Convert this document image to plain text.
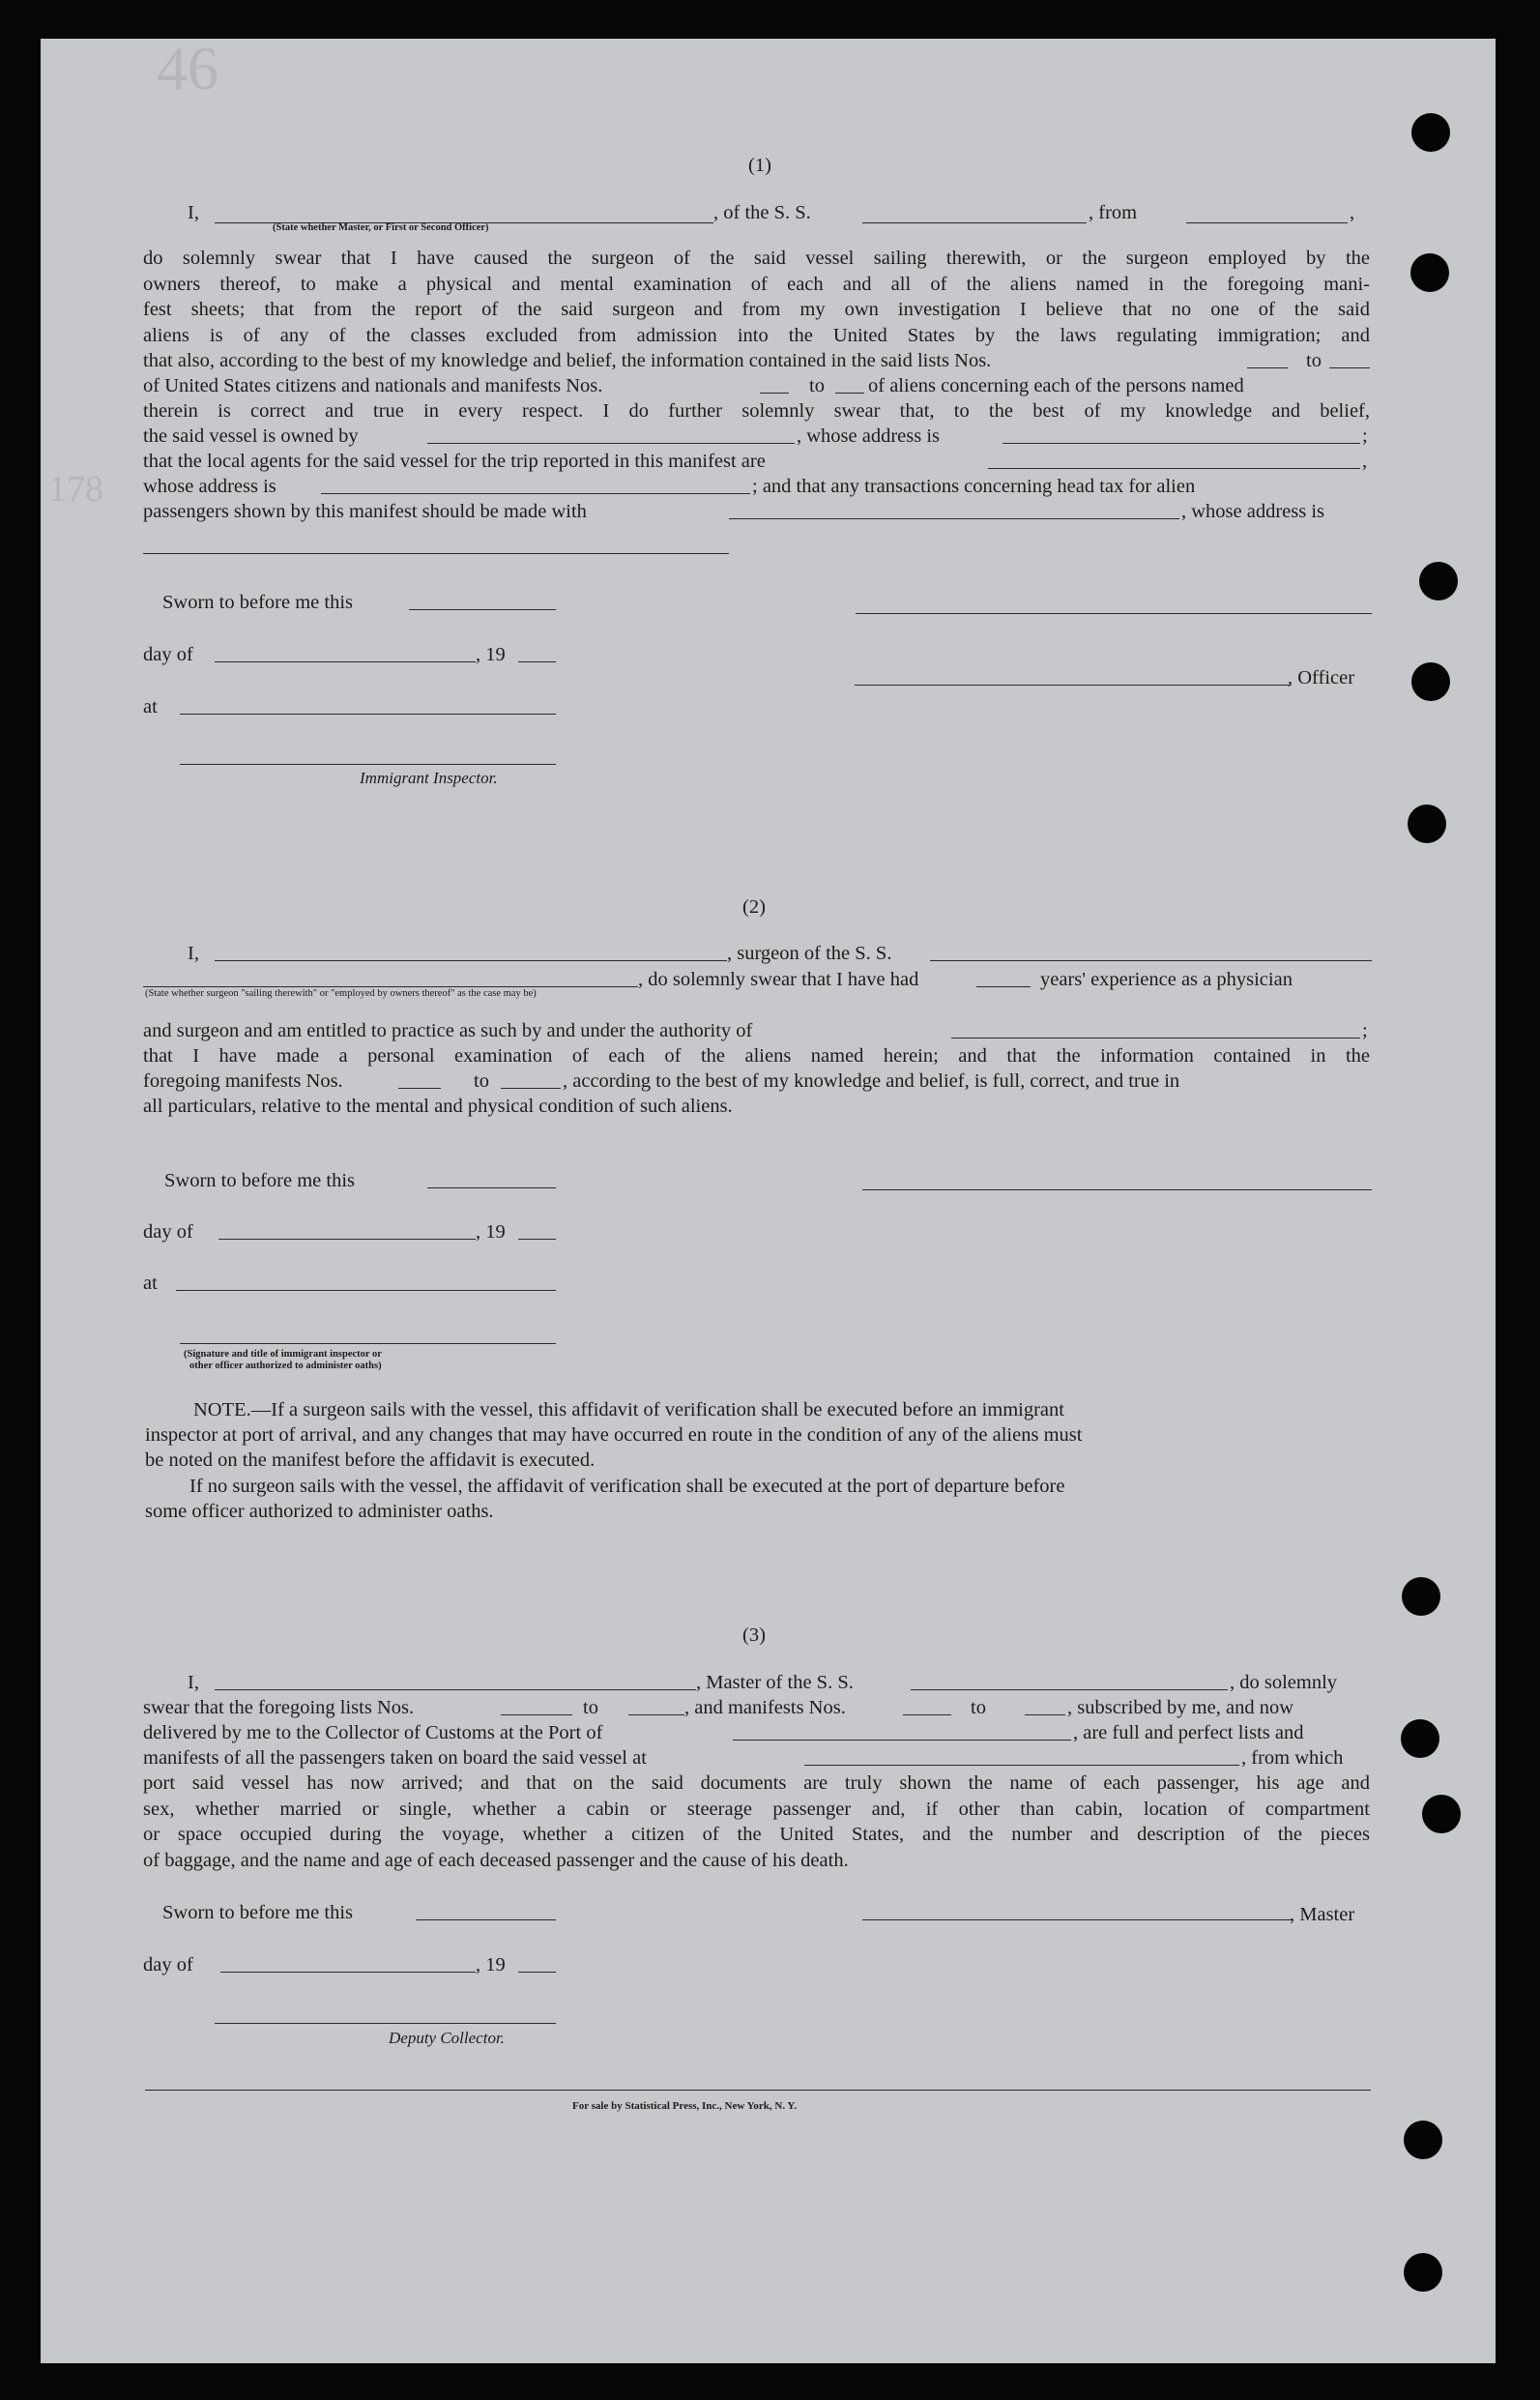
46
178
(1)
I,
(State whether Master, or First or Second Officer)
, of the S. S.	, from	,
do solemnly swear that I have caused the surgeon of the said vessel sailing therewith, or the surgeon employed by the
owners thereof, to make a physical and mental examination of each and all of the aliens named in the foregoing mani-
fest sheets; that from the report of the said surgeon and from my own investigation I believe that no one of the said
aliens is of any of the classes excluded from admission into the United States by the laws regulating immigration; and
that also, according to the best of my knowledge and belief, the information contained in the said lists Nos.	to
of United States citizens and nationals and manifests Nos.	to of aliens concerning each of the persons named
therein is correct and true in every respect. I do further solemnly swear that, to the best of my knowledge and belief,
the said vessel is owned by	, whose address is	;
that the local agents for the said vessel for the trip reported in this manifest are	,
whose address is	; and that any transactions concerning head tax for alien
passengers shown by this manifest should be made with	, whose address is
Sworn to before me this
day of	, 19
, Officer
at
Immigrant Inspector.
(2)
I,	, surgeon of the S. S.
(State whether surgeon "sailing therewith" or "employed by owners thereof" as the case may be)
, do solemnly swear that I have had	years' experience as a physician
and surgeon and am entitled to practice as such by and under the authority of	;
that I have made a personal examination of each of the aliens named herein; and that the information contained in the
foregoing manifests Nos.	to	, according to the best of my knowledge and belief, is full, correct, and true in
all particulars, relative to the mental and physical condition of such aliens.
Sworn to before me this
day of	, 19
at
(Signature and title of immigrant inspector or
other officer authorized to administer oaths)
NOTE.—If a surgeon sails with the vessel, this affidavit of verification shall be executed before an immigrant
inspector at port of arrival, and any changes that may have occurred en route in the condition of any of the aliens must
be noted on the manifest before the affidavit is executed.
If no surgeon sails with the vessel, the affidavit of verification shall be executed at the port of departure before
some officer authorized to administer oaths.
(3)
I,	, Master of the S. S.	, do solemnly
swear that the foregoing lists Nos.	to	, and manifests Nos.	to	, subscribed by me, and now
delivered by me to the Collector of Customs at the Port of	, are full and perfect lists and
manifests of all the passengers taken on board the said vessel at	, from which
port said vessel has now arrived; and that on the said documents are truly shown the name of each passenger, his age and
sex, whether married or single, whether a cabin or steerage passenger and, if other than cabin, location of compartment
or space occupied during the voyage, whether a citizen of the United States, and the number and description of the pieces
of baggage, and the name and age of each deceased passenger and the cause of his death.
Sworn to before me this	, Master
day of	, 19
Deputy Collector.
For sale by Statistical Press, Inc., New York, N. Y.
